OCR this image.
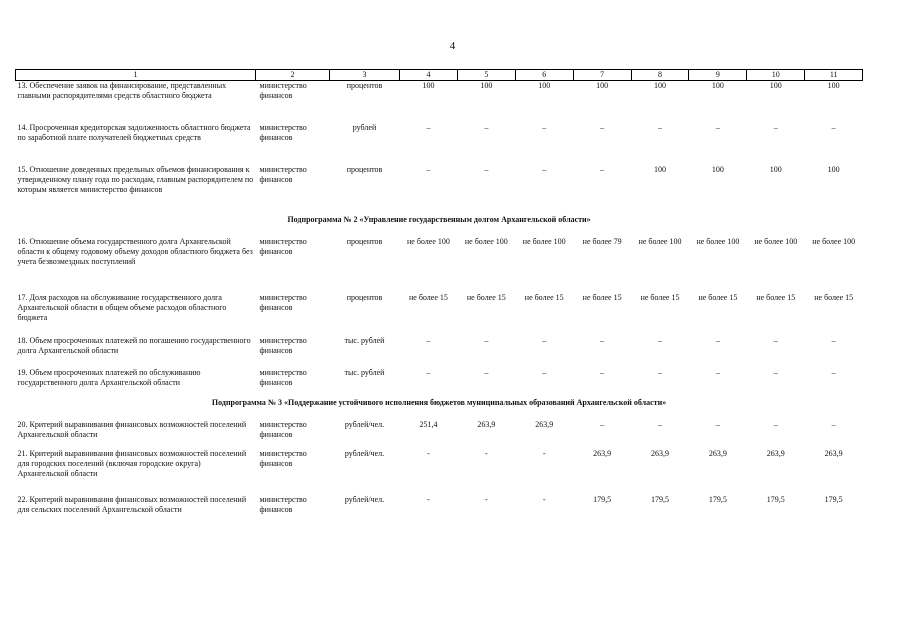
4
1	2	3	4	5	6	7	8	9	10	11
13. Обеспечение заявок на финансирование, представленных главными распорядителями средств областного бюджета	министерство финансов	процентов	100	100	100	100	100	100	100	100
14. Просроченная кредиторская задолженность областного бюджета по заработной плате получателей бюджетных средств	министерство финансов	рублей	–	–	–	–	–	–	–	–
15. Отношение доведенных предельных объемов финансирования к утвержденному плану года по расходам, главным распорядителем по которым является министерство финансов	министерство финансов	процентов	–	–	–	–	100	100	100	100
Подпрограмма № 2 «Управление государственным долгом Архангельской области»										
16. Отношение объема государственного долга Архангельской области к общему годовому объему доходов областного бюджета без учета безвозмездных поступлений	министерство финансов	процентов	не более 100	не более 100	не более 100	не более 79	не более 100	не более 100	не более 100	не более 100
17. Доля расходов на обслуживание государственного долга Архангельской области в общем объеме расходов областного бюджета	министерство финансов	процентов	не более 15	не более 15	не более 15	не более 15	не более 15	не более 15	не более 15	не более 15
18. Объем просроченных платежей по погашению государственного долга Архангельской области	министерство финансов	тыс. рублей	–	–	–	–	–	–	–	–
19. Объем просроченных платежей по обслуживанию государственного долга Архангельской области	министерство финансов	тыс. рублей	–	–	–	–	–	–	–	–
Подпрограмма № 3 «Поддержание устойчивого исполнения бюджетов муниципальных образований Архангельской области»										
20. Критерий выравнивания финансовых возможностей поселений Архангельской области	министерство финансов	рублей/чел.	251,4	263,9	263,9	–	–	–	–	–
21. Критерий выравнивания финансовых возможностей поселений для городских поселений (включая городские округа) Архангельской области	министерство финансов	рублей/чел.	-	-	-	263,9	263,9	263,9	263,9	263,9
22. Критерий выравнивания финансовых возможностей поселений для сельских поселений Архангельской области	министерство финансов	рублей/чел.	-	-	-	179,5	179,5	179,5	179,5	179,5
